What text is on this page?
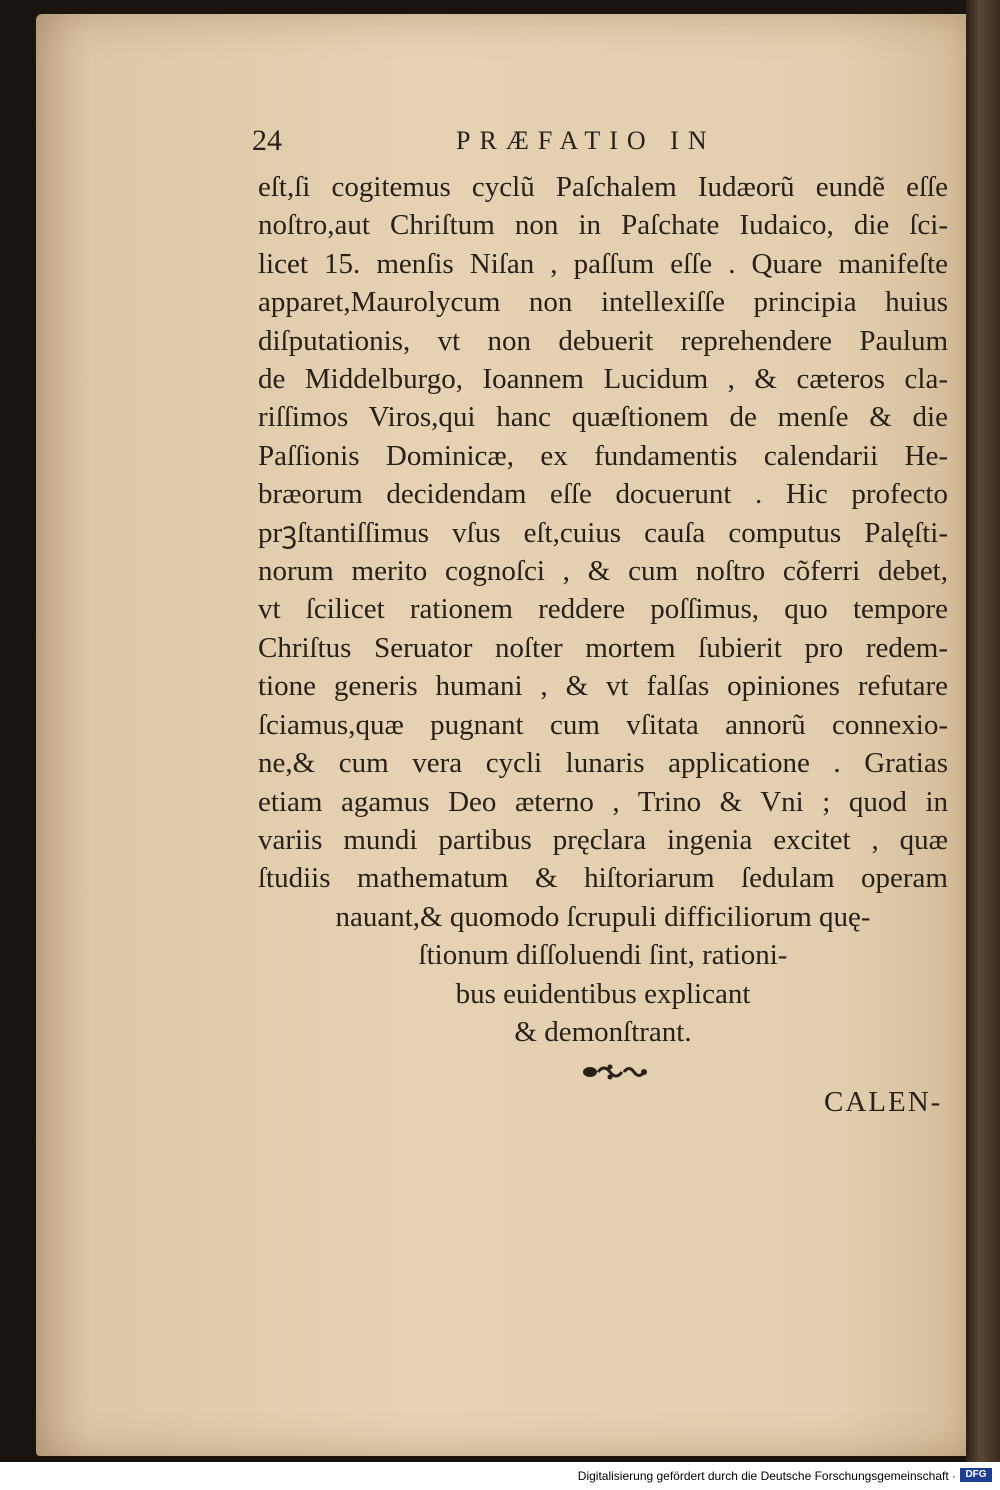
24	PRÆFATIO IN
eſt,ſi cogitemus cyclũ Paſchalem Iudæorũ eundẽ eſſe
noſtro,aut Chriſtum non in Paſchate Iudaico, die ſci-
licet 15. menſis Niſan , paſſum eſſe . Quare manifeſte
apparet,Maurolycum non intellexiſſe principia huius
diſputationis, vt non debuerit reprehendere Paulum
de Middelburgo, Ioannem Lucidum , & cæteros cla-
riſſimos Viros,qui hanc quæſtionem de menſe & die
Paſſionis Dominicæ, ex fundamentis calendarii He-
bræorum decidendam eſſe docuerunt . Hic profecto
prꝫſtantiſſimus vſus eſt,cuius cauſa computus Palęſti-
norum merito cognoſci , & cum noſtro cõferri debet,
vt ſcilicet rationem reddere poſſimus, quo tempore
Chriſtus Seruator noſter mortem ſubierit pro redem-
tione generis humani , & vt falſas opiniones refutare
ſciamus,quæ pugnant cum vſitata annorũ connexio-
ne,& cum vera cycli lunaris applicatione . Gratias
etiam agamus Deo æterno , Trino & Vni ; quod in
variis mundi partibus pręclara ingenia excitet , quæ
ſtudiis mathematum & hiſtoriarum ſedulam operam
nauant,& quomodo ſcrupuli difficiliorum quę-
ſtionum diſſoluendi ſint, rationi-
bus euidentibus explicant
& demonſtrant.
CALEN-
Digitalisierung gefördert durch die Deutsche Forschungsgemeinschaft · DFG
